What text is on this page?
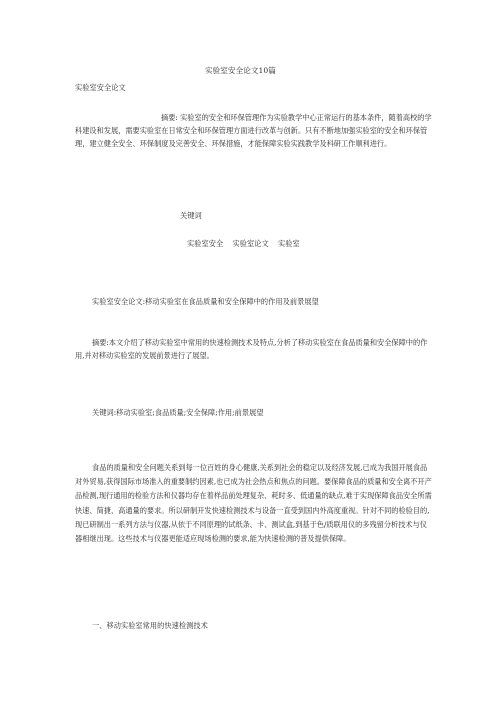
实验室安全论文10篇
实验室安全论文
摘要: 实验室的安全和环保管理作为实验教学中心正常运行的基本条件，随着高校的学科建设和发展，需要实验室在日常安全和环保管理方面进行改革与创新。只有不断地加强实验室的安全和环保管理，建立健全安全、环保制度及完善安全、环保措施，才能保障实验实践教学及科研工作顺利进行。
关键词
实验室安全    实验室论文    实验室
实验室安全论文:移动实验室在食品质量和安全保障中的作用及前景展望
摘要:本文介绍了移动实验室中常用的快速检测技术及特点,分析了移动实验室在食品质量和安全保障中的作用,并对移动实验室的发展前景进行了展望。
关键词:移动实验室;食品质量;安全保障;作用;前景展望
食品的质量和安全问题关系到每一位百姓的身心健康,关系到社会的稳定以及经济发展,已成为我国开展食品对外贸易,获得国际市场准入的重要制约因素,也已成为社会热点和焦点的问题。要保障食品的质量和安全离不开产品检测,现行通用的检验方法和仪器均存在着样品前处理复杂、耗时多、低通量的缺点,难于实现保障食品安全所需快速、简捷、高通量的要求。所以研制开发快速检测技术与设备一直受到国内外高度重视。针对不同的检验目的,现已研制出一系列方法与仪器,从依于不同原理的试纸条、卡、测试盒,到基于色/质联用仪的多残留分析技术与仪器相继出现。这些技术与仪器更能适应现场检测的要求,能为快速检测的普及提供保障。
一、移动实验室常用的快速检测技术
